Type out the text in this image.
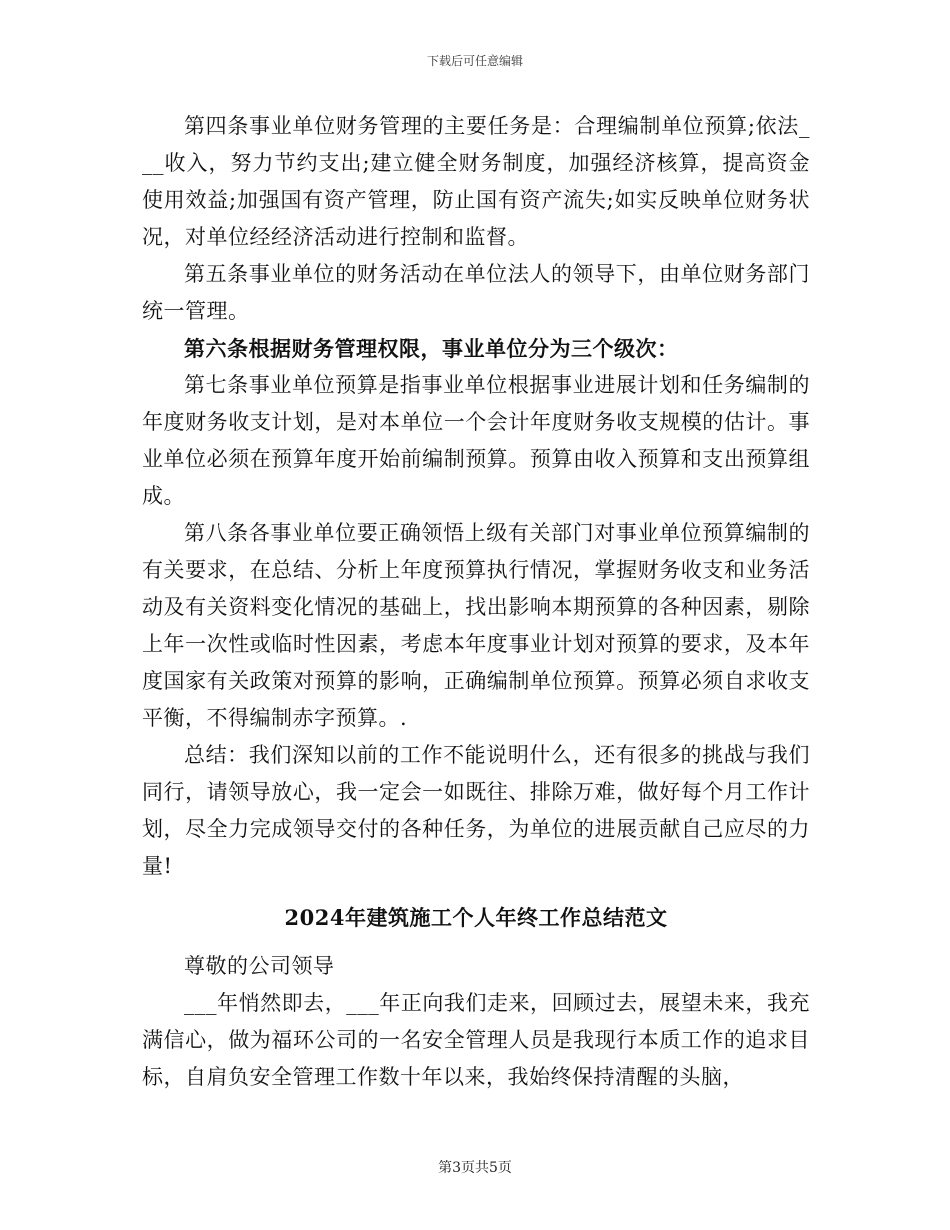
下载后可任意编辑

第四条事业单位财务管理的主要任务是：合理编制单位预算;依法___收入，努力节约支出;建立健全财务制度，加强经济核算，提高资金使用效益;加强国有资产管理，防止国有资产流失;如实反映单位财务状况，对单位经经济活动进行控制和监督。

第五条事业单位的财务活动在单位法人的领导下，由单位财务部门统一管理。

第六条根据财务管理权限，事业单位分为三个级次：

第七条事业单位预算是指事业单位根据事业进展计划和任务编制的年度财务收支计划，是对本单位一个会计年度财务收支规模的估计。事业单位必须在预算年度开始前编制预算。预算由收入预算和支出预算组成。

第八条各事业单位要正确领悟上级有关部门对事业单位预算编制的有关要求，在总结、分析上年度预算执行情况，掌握财务收支和业务活动及有关资料变化情况的基础上，找出影响本期预算的各种因素，剔除上年一次性或临时性因素，考虑本年度事业计划对预算的要求，及本年度国家有关政策对预算的影响，正确编制单位预算。预算必须自求收支平衡，不得编制赤字预算。.

总结：我们深知以前的工作不能说明什么，还有很多的挑战与我们同行，请领导放心，我一定会一如既往、排除万难，做好每个月工作计划，尽全力完成领导交付的各种任务，为单位的进展贡献自己应尽的力量!

2024年建筑施工个人年终工作总结范文

尊敬的公司领导

___年悄然即去，___年正向我们走来，回顾过去，展望未来，我充满信心，做为福环公司的一名安全管理人员是我现行本质工作的追求目标，自肩负安全管理工作数十年以来，我始终保持清醒的头脑，

第3页共5页
